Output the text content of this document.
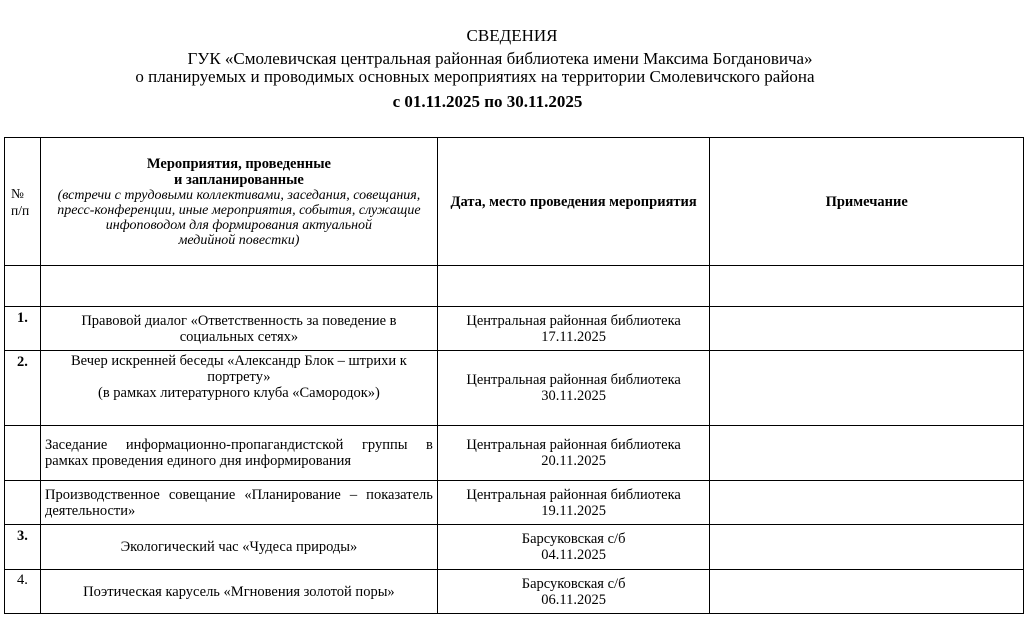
СВЕДЕНИЯ
ГУК «Смолевичская центральная районная библиотека имени Максима Богдановича»
о планируемых и проводимых основных мероприятиях на территории Смолевичского района
с 01.11.2025 по 30.11.2025
№ п/п	Мероприятия, проведенные
и запланированные
(встречи с трудовыми коллективами, заседания, совещания, пресс-конференции, иные мероприятия, события, служащие инфоповодом для формирования актуальной
медийной повестки)	Дата, место проведения мероприятия	Примечание

1.	Правовой диалог «Ответственность за поведение в социальных сетях»	Центральная районная библиотека
17.11.2025	

2.	Вечер искренней беседы «Александр Блок – штрихи к портрету»
(в рамках литературного клуба «Самородок»)	Центральная районная библиотека
30.11.2025	

	Заседание информационно-пропагандистской группы в рамках проведения единого дня информирования	Центральная районная библиотека
20.11.2025	

	Производственное совещание «Планирование – показатель деятельности»	Центральная районная библиотека
19.11.2025	

3.	Экологический час «Чудеса природы»	Барсуковская с/б
04.11.2025	

4.	Поэтическая карусель «Мгновения золотой поры»	Барсуковская с/б
06.11.2025	
